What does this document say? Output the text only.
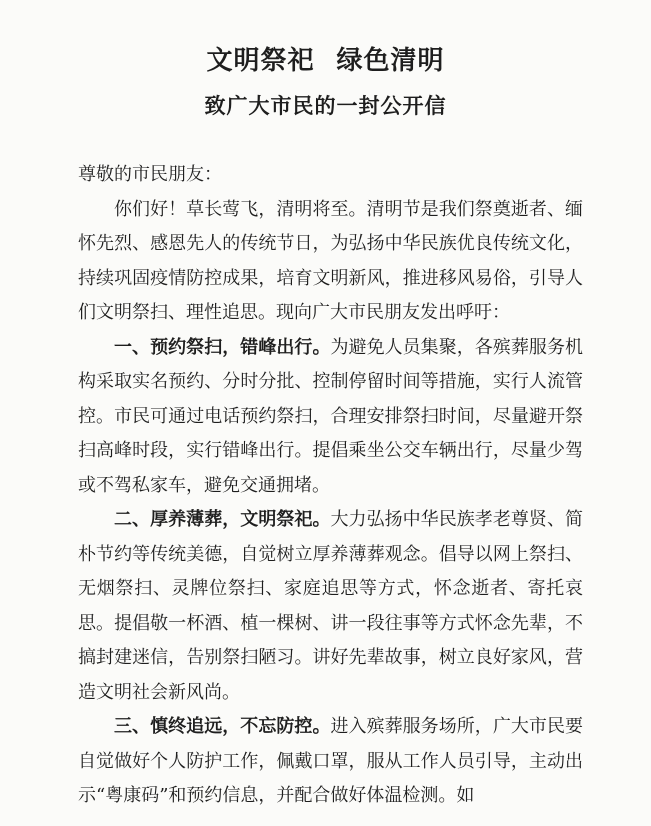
文明祭祀 绿色清明
致广大市民的一封公开信

尊敬的市民朋友：

你们好！草长莺飞，清明将至。清明节是我们祭奠逝者、缅怀先烈、感恩先人的传统节日，为弘扬中华民族优良传统文化，持续巩固疫情防控成果，培育文明新风，推进移风易俗，引导人们文明祭扫、理性追思。现向广大市民朋友发出呼吁：

一、预约祭扫，错峰出行。为避免人员集聚，各殡葬服务机构采取实名预约、分时分批、控制停留时间等措施，实行人流管控。市民可通过电话预约祭扫，合理安排祭扫时间，尽量避开祭扫高峰时段，实行错峰出行。提倡乘坐公交车辆出行，尽量少驾或不驾私家车，避免交通拥堵。

二、厚养薄葬，文明祭祀。大力弘扬中华民族孝老尊贤、简朴节约等传统美德，自觉树立厚养薄葬观念。倡导以网上祭扫、无烟祭扫、灵牌位祭扫、家庭追思等方式，怀念逝者、寄托哀思。提倡敬一杯酒、植一棵树、讲一段往事等方式怀念先辈，不搞封建迷信，告别祭扫陋习。讲好先辈故事，树立良好家风，营造文明社会新风尚。

三、慎终追远，不忘防控。进入殡葬服务场所，广大市民要自觉做好个人防护工作，佩戴口罩，服从工作人员引导，主动出示“粤康码”和预约信息，并配合做好体温检测。如
